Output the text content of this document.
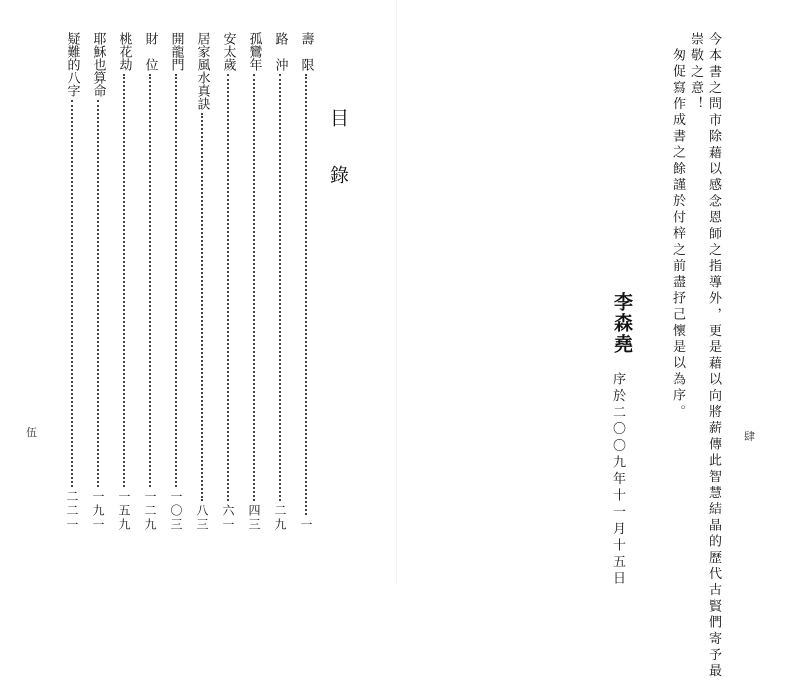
今本書之問市除藉以感念恩師之指導外，更是藉以向將薪傳此智慧結晶的歷代古賢們寄予最
崇敬之意！
匆促寫作成書之餘謹於付梓之前盡抒己懷是以為序。
李森堯
序於二〇〇九年十一月十五日	肆
目　　錄
壽　限
一
路　沖
二九
孤鸞年
四三
安太歲
六一
居家風水真訣
八三
開龍門
一〇三
財　位
一二九
桃花劫
一五九
耶穌也算命
一九一
疑難的八字
二二一
伍
